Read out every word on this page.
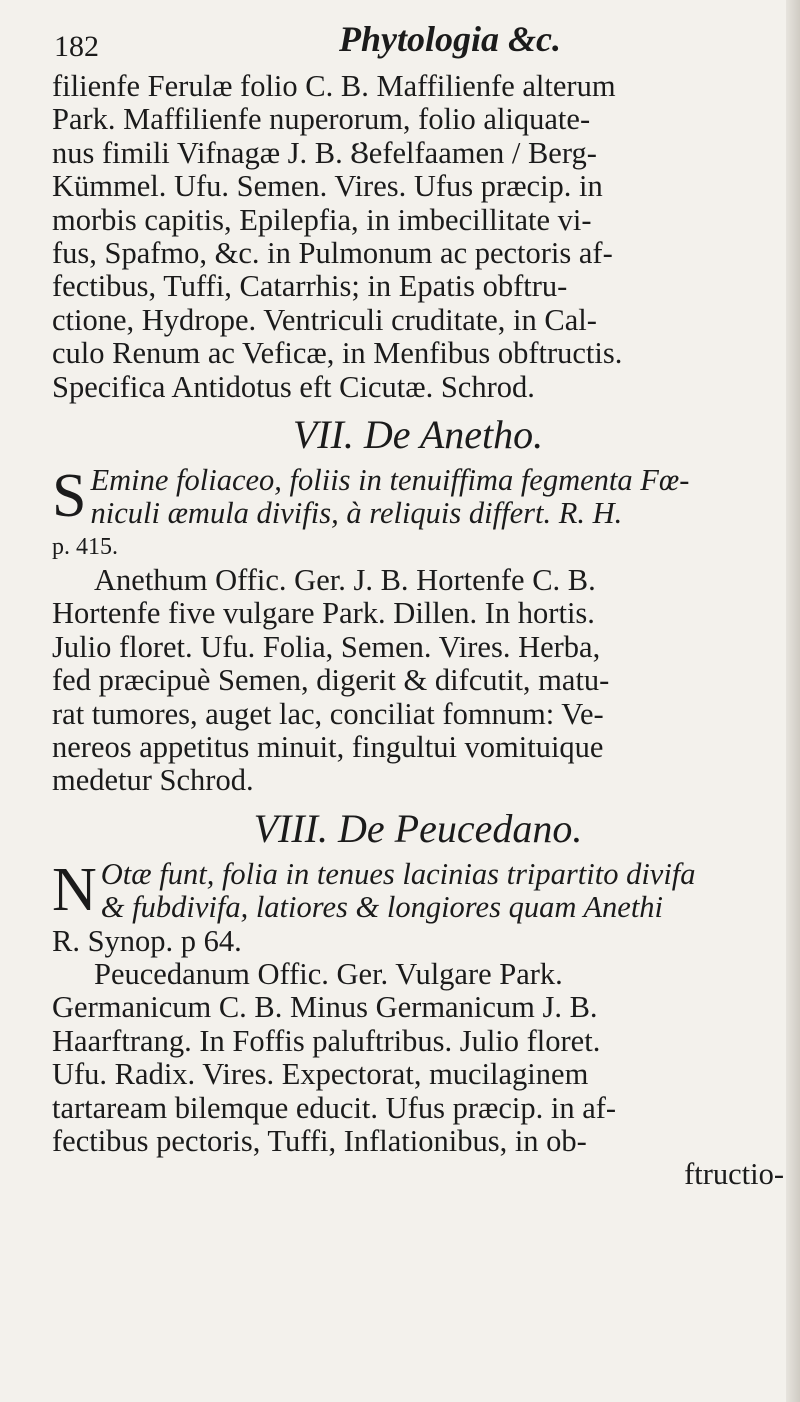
182	Phytologia &c.
filienfe Ferulæ folio C. B. Maffilienfe alterum
Park. Maffilienfe nuperorum, folio aliquate-
nus fimili Vifnagæ J. B. Ȣefelfaamen / Berg-
Kümmel. Ufu. Semen. Vires. Ufus præcip. in
morbis capitis, Epilepfia, in imbecillitate vi-
fus, Spafmo, &c. in Pulmonum ac pectoris af-
fectibus, Tuffi, Catarrhis; in Epatis obftru-
ctione, Hydrope. Ventriculi cruditate, in Cal-
culo Renum ac Veficæ, in Menfibus obftructis.
Specifica Antidotus eft Cicutæ. Schrod.
VII. De Anetho.
S Emine foliaceo, foliis in tenuiffima fegmenta Fœ-
niculi æmula divifis, à reliquis differt. R. H.
p. 415.
Anethum Offic. Ger. J. B. Hortenfe C. B.
Hortenfe five vulgare Park. Dillen. In hortis.
Julio floret. Ufu. Folia, Semen. Vires. Herba,
fed præcipuè Semen, digerit & difcutit, matu-
rat tumores, auget lac, conciliat fomnum: Ve-
nereos appetitus minuit, fingultui vomituique
medetur Schrod.
VIII. De Peucedano.
N Otæ funt, folia in tenues lacinias tripartito divifa
& fubdivifa, latiores & longiores quam Anethi
R. Synop. p 64.
Peucedanum Offic. Ger. Vulgare Park.
Germanicum C. B. Minus Germanicum J. B.
Haarftrang. In Foffis paluftribus. Julio floret.
Ufu. Radix. Vires. Expectorat, mucilaginem
tartaream bilemque educit. Ufus præcip. in af-
fectibus pectoris, Tuffi, Inflationibus, in ob-
ftructio-
